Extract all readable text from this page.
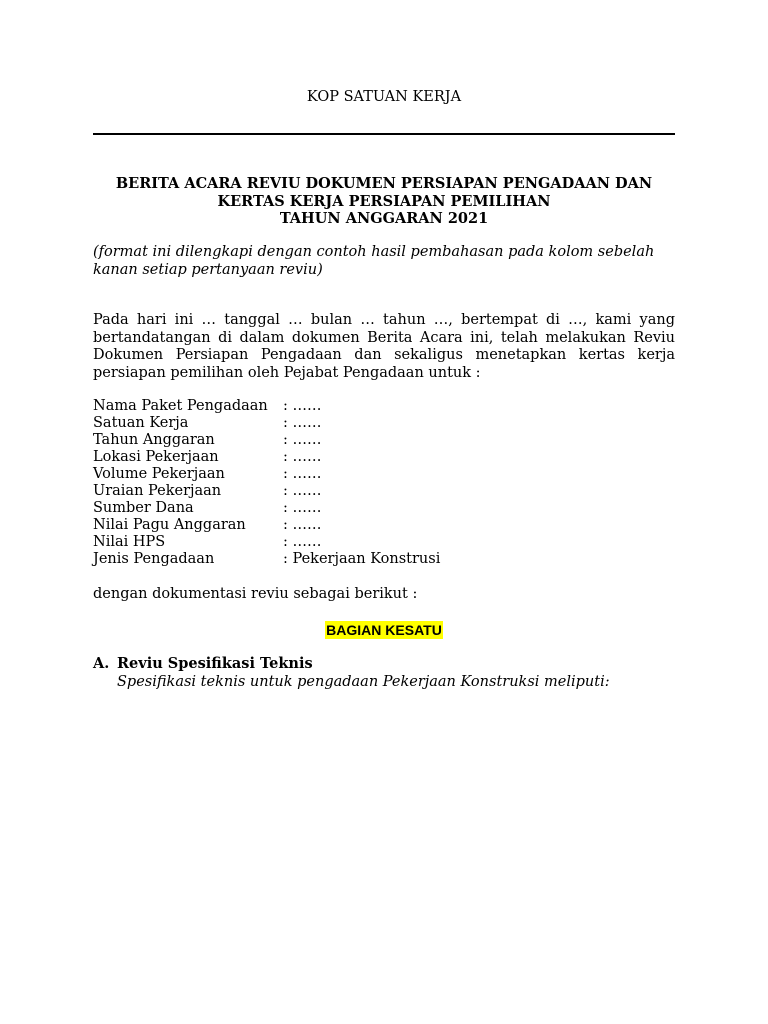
KOP SATUAN KERJA
BERITA ACARA REVIU DOKUMEN PERSIAPAN PENGADAAN DAN
KERTAS KERJA PERSIAPAN PEMILIHAN
TAHUN ANGGARAN 2021
(format ini dilengkapi dengan contoh hasil pembahasan pada kolom sebelah kanan setiap pertanyaan reviu)
Pada hari ini … tanggal … bulan … tahun …, bertempat di …, kami yang bertandatangan di dalam dokumen Berita Acara ini, telah melakukan Reviu Dokumen Persiapan Pengadaan dan sekaligus menetapkan kertas kerja persiapan pemilihan oleh Pejabat Pengadaan untuk :
Nama Paket Pengadaan	: ……
Satuan Kerja	: ……
Tahun Anggaran	: ……
Lokasi Pekerjaan	: ……
Volume Pekerjaan	: ……
Uraian Pekerjaan	: ……
Sumber Dana	: ……
Nilai Pagu Anggaran	: ……
Nilai HPS	: ……
Jenis Pengadaan	: Pekerjaan Konstrusi
dengan dokumentasi reviu sebagai berikut :
BAGIAN KESATU
A. Reviu Spesifikasi Teknis
Spesifikasi teknis untuk pengadaan Pekerjaan Konstruksi meliputi:
